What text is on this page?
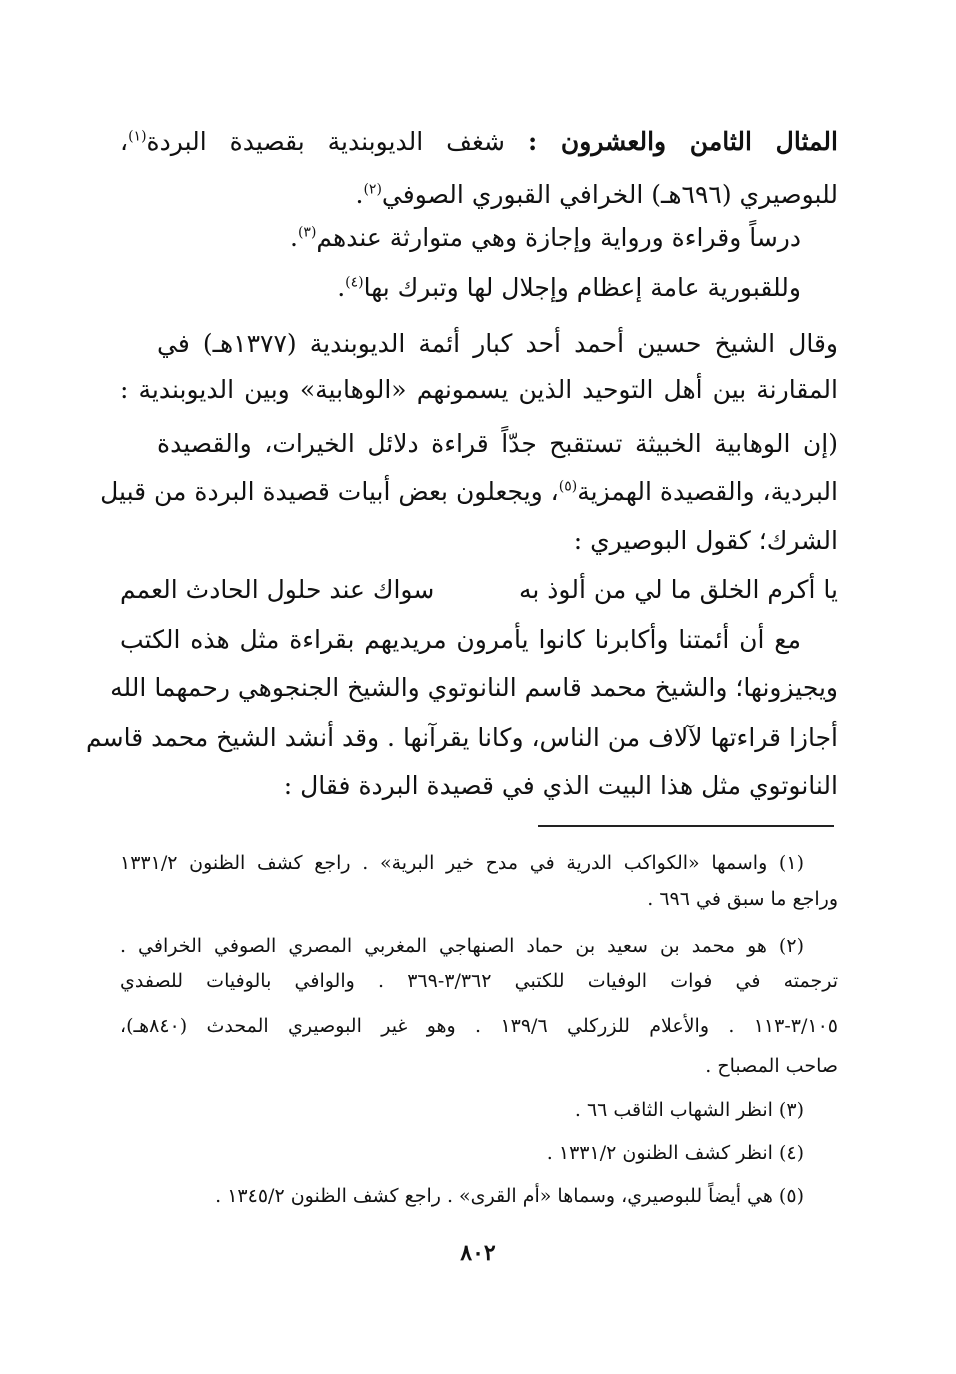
المثال الثامن والعشرون : شغف الديوبندية بقصيدة البردة$^{(١)}$،
للبوصيري (٦٩٦هـ) الخرافي القبوري الصوفي$^{(٢)}$.
درساً وقراءة ورواية وإجازة وهي متوارثة عندهم$^{(٣)}$.
وللقبورية عامة إعظام وإجلال لها وتبرك بها$^{(٤)}$.
وقال الشيخ حسين أحمد أحد كبار أئمة الديوبندية (١٣٧٧هـ) في
المقارنة بين أهل التوحيد الذين يسمونهم «الوهابية» وبين الديوبندية :
(إن الوهابية الخبيثة تستقبح جدّاً قراءة دلائل الخيرات، والقصيدة
البردية، والقصيدة الهمزية$^{(٥)}$، ويجعلون بعض أبيات قصيدة البردة من قبيل
الشرك؛ كقول البوصيري :
يا أكرم الخلق ما لي من ألوذ به
سواك عند حلول الحادث العمم
مع أن أئمتنا وأكابرنا كانوا يأمرون مريديهم بقراءة مثل هذه الكتب
ويجيزونها؛ والشيخ محمد قاسم النانوتوي والشيخ الجنجوهي رحمهما الله
أجازا قراءتها لآلاف من الناس، وكانا يقرآنها . وقد أنشد الشيخ محمد قاسم
النانوتوي مثل هذا البيت الذي في قصيدة البردة فقال :
(١) واسمها «الكواكب الدرية في مدح خير البرية» . راجع كشف الظنون ١٣٣١/٢
وراجع ما سبق في ٦٩٦ .
(٢) هو محمد بن سعيد بن حماد الصنهاجي المغربي المصري الصوفي الخرافي .
ترجمته في فوات الوفيات للكتبي ٣/٣٦٢-٣٦٩ . والوافي بالوفيات للصفدي
٣/١٠٥-١١٣ . والأعلام للزركلي ١٣٩/٦ . وهو غير البوصيري المحدث (٨٤٠هـ)،
صاحب المصباح .
(٣) انظر الشهاب الثاقب ٦٦ .
(٤) انظر كشف الظنون ١٣٣١/٢ .
(٥) هي أيضاً للبوصيري، وسماها «أم القرى» . راجع كشف الظنون ١٣٤٥/٢ .
٨٠٢
